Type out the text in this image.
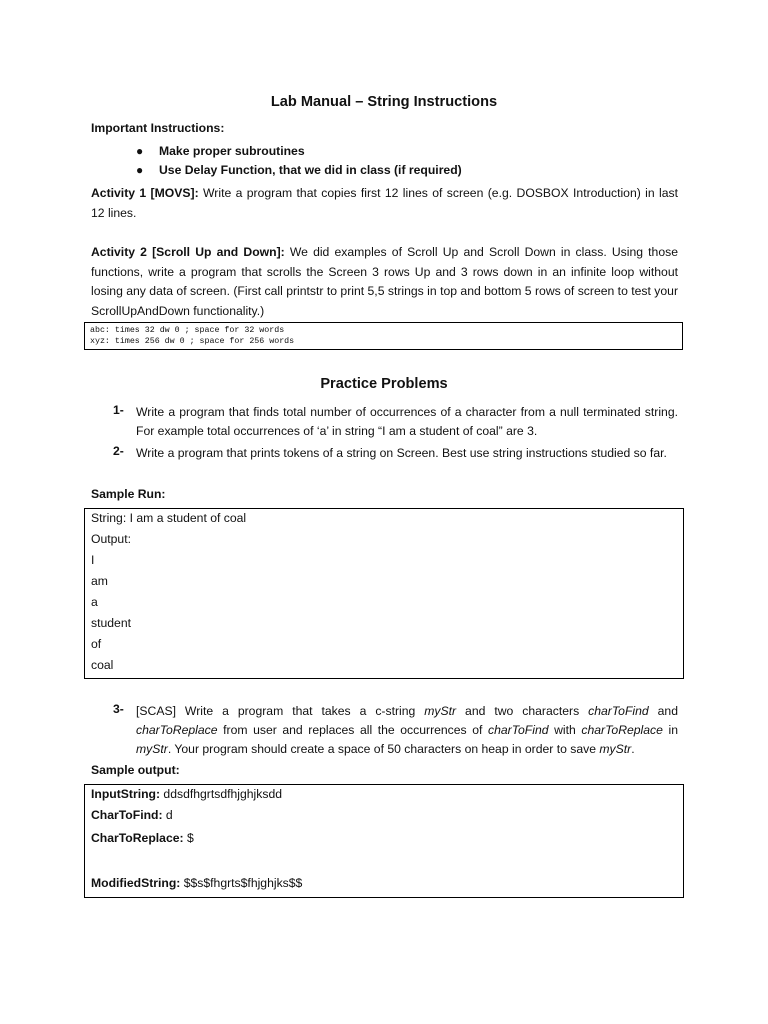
Lab Manual – String Instructions
Important Instructions:
● Make proper subroutines
● Use Delay Function, that we did in class (if required)
Activity 1 [MOVS]: Write a program that copies first 12 lines of screen (e.g. DOSBOX Introduction) in last 12 lines.
Activity 2 [Scroll Up and Down]: We did examples of Scroll Up and Scroll Down in class. Using those functions, write a program that scrolls the Screen 3 rows Up and 3 rows down in an infinite loop without losing any data of screen. (First call printstr to print 5,5 strings in top and bottom 5 rows of screen to test your ScrollUpAndDown functionality.)
abc: times 32 dw 0 ; space for 32 words
xyz: times 256 dw 0 ; space for 256 words
Practice Problems
1- Write a program that finds total number of occurrences of a character from a null terminated string. For example total occurrences of ‘a’ in string “I am a student of coal” are 3.
2- Write a program that prints tokens of a string on Screen. Best use string instructions studied so far.
Sample Run:
String: I am a student of coal
Output:
I
am
a
student
of
coal
3- [SCAS] Write a program that takes a c-string myStr and two characters charToFind and charToReplace from user and replaces all the occurrences of charToFind with charToReplace in myStr. Your program should create a space of 50 characters on heap in order to save myStr.
Sample output:
InputString: ddsdfhgrtsdfhjghjksdd
CharToFind: d
CharToReplace: $
ModifiedString: $$s$fhgrts$fhjghjks$$
